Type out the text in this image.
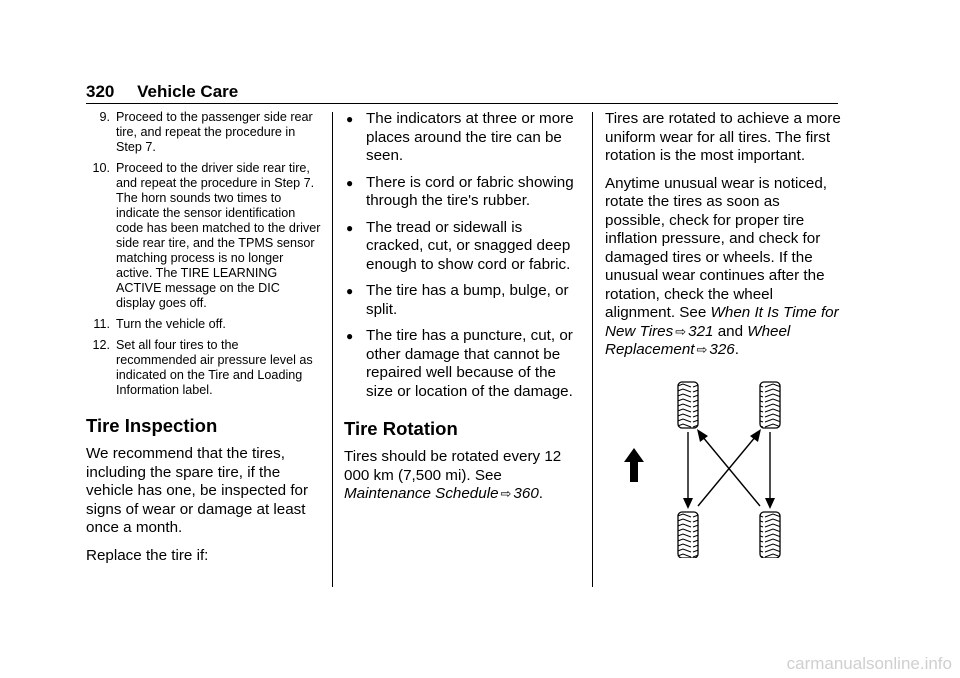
320 Vehicle Care
9. Proceed to the passenger side rear tire, and repeat the procedure in Step 7.
10. Proceed to the driver side rear tire, and repeat the procedure in Step 7. The horn sounds two times to indicate the sensor identification code has been matched to the driver side rear tire, and the TPMS sensor matching process is no longer active. The TIRE LEARNING ACTIVE message on the DIC display goes off.
11. Turn the vehicle off.
12. Set all four tires to the recommended air pressure level as indicated on the Tire and Loading Information label.
Tire Inspection

We recommend that the tires, including the spare tire, if the vehicle has one, be inspected for signs of wear or damage at least once a month.

Replace the tire if:

● The indicators at three or more places around the tire can be seen.
● There is cord or fabric showing through the tire's rubber.
● The tread or sidewall is cracked, cut, or snagged deep enough to show cord or fabric.
● The tire has a bump, bulge, or split.
● The tire has a puncture, cut, or other damage that cannot be repaired well because of the size or location of the damage.
Tire Rotation

Tires should be rotated every 12 000 km (7,500 mi). See Maintenance Schedule ⇨ 360.

Tires are rotated to achieve a more uniform wear for all tires. The first rotation is the most important.

Anytime unusual wear is noticed, rotate the tires as soon as possible, check for proper tire inflation pressure, and check for damaged tires or wheels. If the unusual wear continues after the rotation, check the wheel alignment. See When It Is Time for New Tires ⇨ 321 and Wheel Replacement ⇨ 326.

carmanualsonline.info
